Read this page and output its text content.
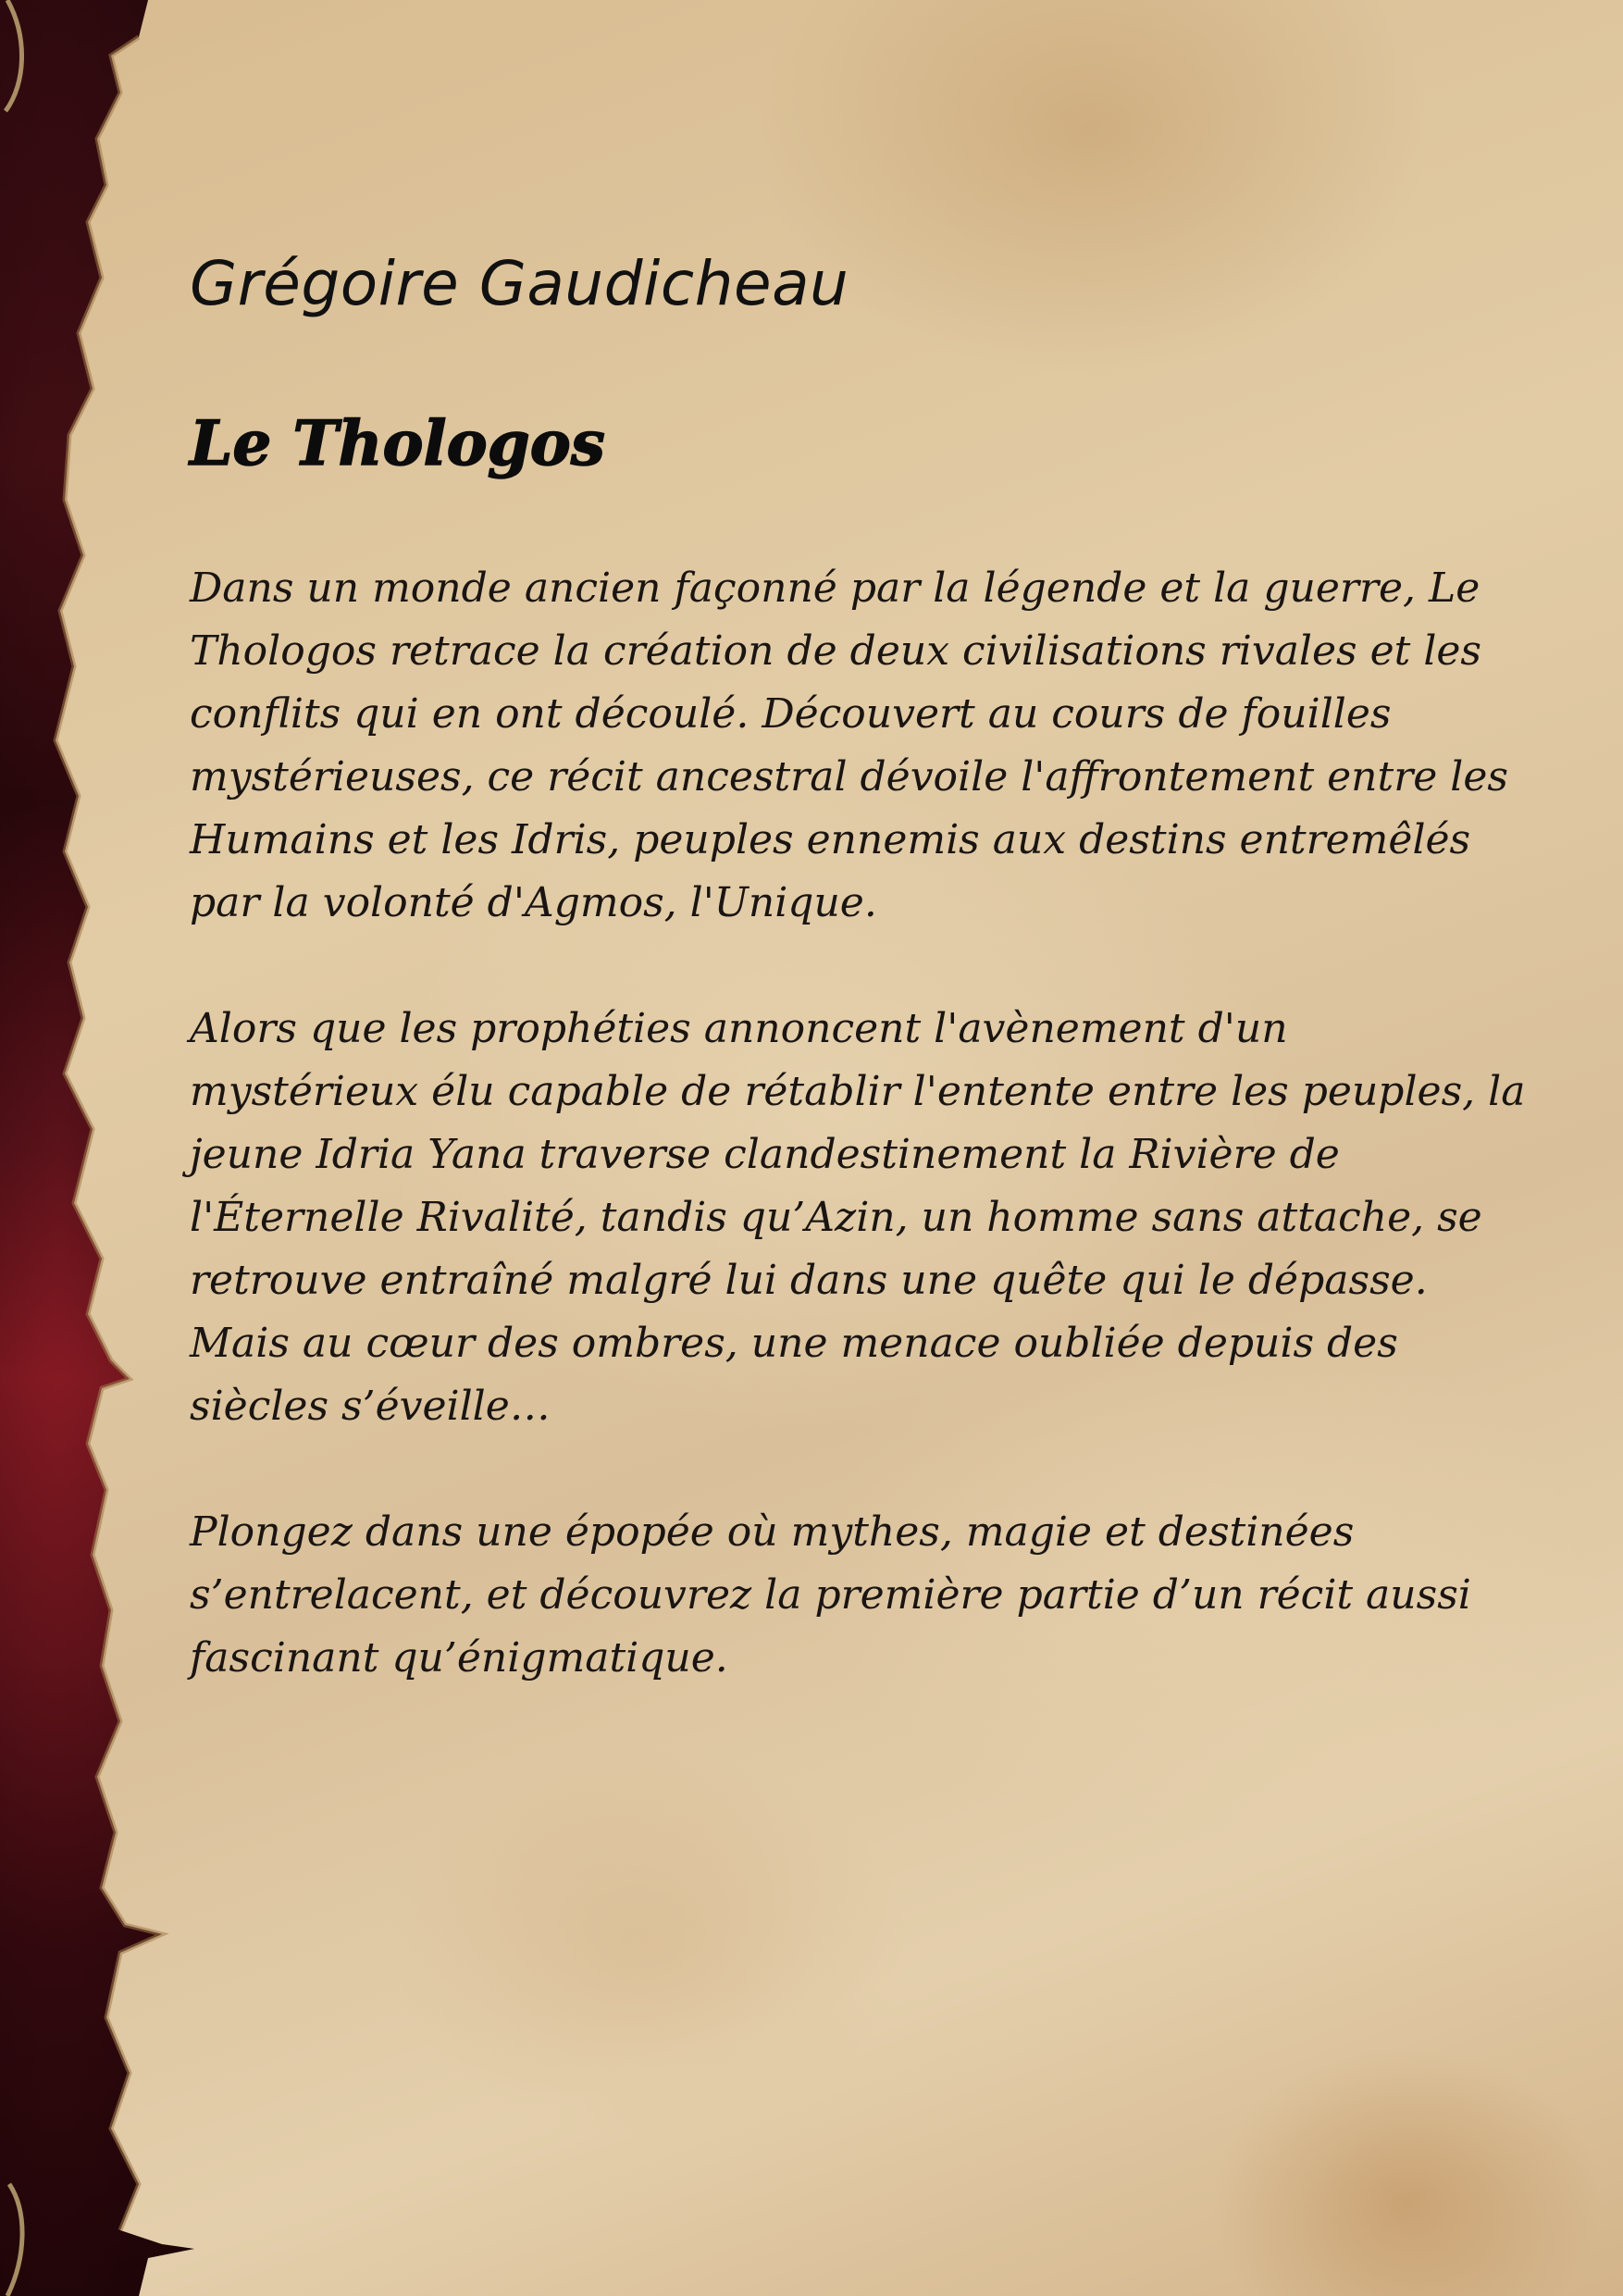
Grégoire Gaudicheau
Le Thologos

Dans un monde ancien façonné par la légende et la guerre, Le
Thologos retrace la création de deux civilisations rivales et les
conflits qui en ont découlé. Découvert au cours de fouilles
mystérieuses, ce récit ancestral dévoile l'affrontement entre les
Humains et les Idris, peuples ennemis aux destins entremêlés
par la volonté d'Agmos, l'Unique.

Alors que les prophéties annoncent l'avènement d'un
mystérieux élu capable de rétablir l'entente entre les peuples, la
jeune Idria Yana traverse clandestinement la Rivière de
l'Éternelle Rivalité, tandis qu’Azin, un homme sans attache, se
retrouve entraîné malgré lui dans une quête qui le dépasse.
Mais au cœur des ombres, une menace oubliée depuis des
siècles s’éveille…

Plongez dans une épopée où mythes, magie et destinées
s’entrelacent, et découvrez la première partie d’un récit aussi
fascinant qu’énigmatique.
